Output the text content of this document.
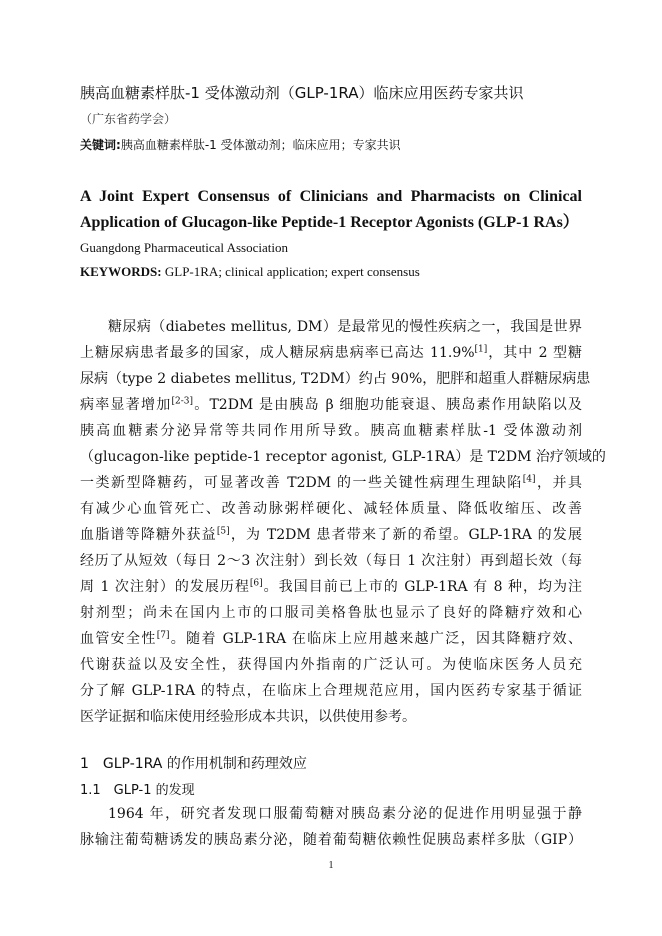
胰高血糖素样肽-1 受体激动剂（GLP-1RA）临床应用医药专家共识
（广东省药学会）
关键词:胰高血糖素样肽-1 受体激动剂；临床应用；专家共识
A Joint Expert Consensus of Clinicians and Pharmacists on Clinical Application of Glucagon-like Peptide-1 Receptor Agonists (GLP-1 RAs）
Guangdong Pharmaceutical Association
KEYWORDS: GLP-1RA; clinical application; expert consensus
糖尿病（diabetes mellitus, DM）是最常见的慢性疾病之一，我国是世界
上糖尿病患者最多的国家，成人糖尿病患病率已高达 11.9%[1]，其中 2 型糖
尿病（type 2 diabetes mellitus, T2DM）约占 90%，肥胖和超重人群糖尿病患
病率显著增加[2-3]。T2DM 是由胰岛 β 细胞功能衰退、胰岛素作用缺陷以及
胰高血糖素分泌异常等共同作用所导致。胰高血糖素样肽-1 受体激动剂
（glucagon-like peptide-1 receptor agonist, GLP-1RA）是 T2DM 治疗领域的
一类新型降糖药，可显著改善 T2DM 的一些关键性病理生理缺陷[4]，并具
有减少心血管死亡、改善动脉粥样硬化、减轻体质量、降低收缩压、改善
血脂谱等降糖外获益[5]，为 T2DM 患者带来了新的希望。GLP-1RA 的发展
经历了从短效（每日 2～3 次注射）到长效（每日 1 次注射）再到超长效（每
周 1 次注射）的发展历程[6]。我国目前已上市的 GLP-1RA 有 8 种，均为注
射剂型；尚未在国内上市的口服司美格鲁肽也显示了良好的降糖疗效和心
血管安全性[7]。随着 GLP-1RA 在临床上应用越来越广泛，因其降糖疗效、
代谢获益以及安全性，获得国内外指南的广泛认可。为使临床医务人员充
分了解 GLP-1RA 的特点，在临床上合理规范应用，国内医药专家基于循证
医学证据和临床使用经验形成本共识，以供使用参考。
1　GLP-1RA 的作用机制和药理效应
1.1　GLP-1 的发现
1964 年，研究者发现口服葡萄糖对胰岛素分泌的促进作用明显强于静
脉输注葡萄糖诱发的胰岛素分泌，随着葡萄糖依赖性促胰岛素样多肽（GIP）
1
